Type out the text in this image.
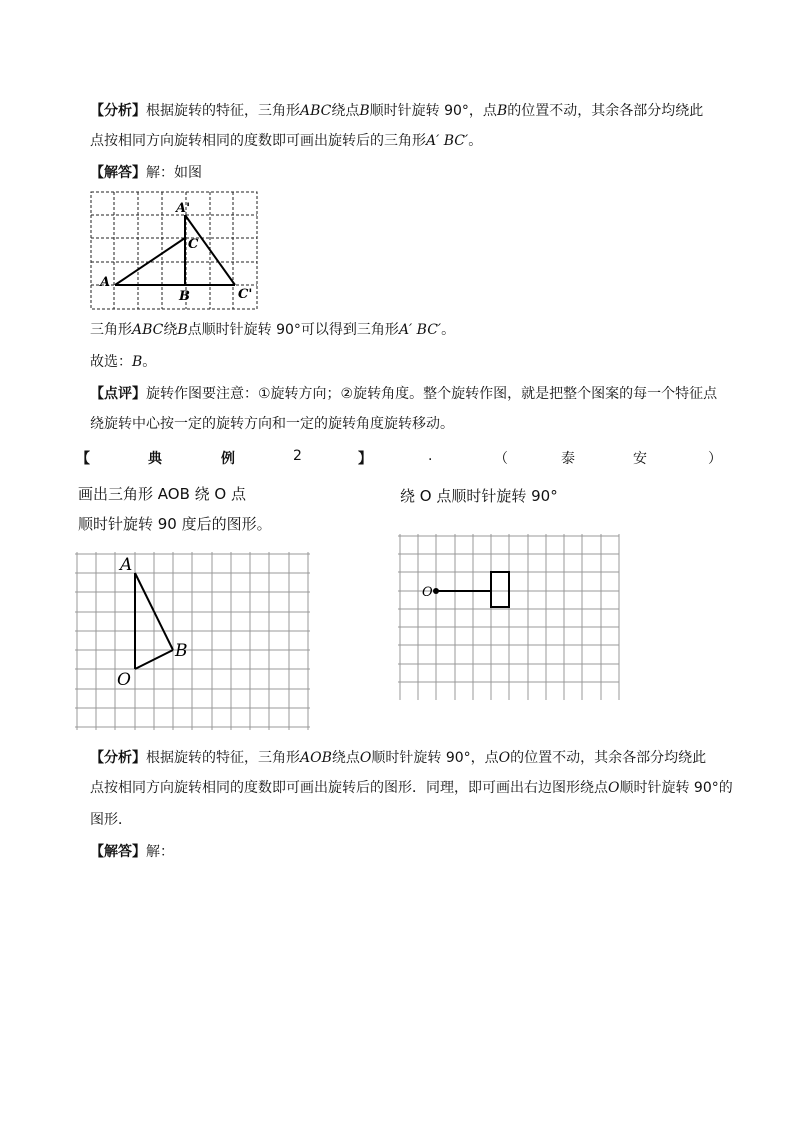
【分析】根据旋转的特征，三角形ABC绕点B顺时针旋转 90°，点B的位置不动，其余各部分均绕此
点按相同方向旋转相同的度数即可画出旋转后的三角形A′ BC′。
【解答】解：如图
A
A'
C
B	C'
三角形ABC绕B点顺时针旋转 90°可以得到三角形A′ BC′。
故选：B。
【点评】旋转作图要注意：①旋转方向；②旋转角度。整个旋转作图，就是把整个图案的每一个特征点
绕旋转中心按一定的旋转方向和一定的旋转角度旋转移动。
【	典	例	2	】	.	（	泰	安	）
画出三角形 AOB 绕 O 点
顺时针旋转 90 度后的图形。
绕 O 点顺时针旋转 90°
A
B
O
O
【分析】根据旋转的特征，三角形AOB绕点O顺时针旋转 90°，点O的位置不动，其余各部分均绕此
点按相同方向旋转相同的度数即可画出旋转后的图形．同理，即可画出右边图形绕点O顺时针旋转 90°的
图形．
【解答】解：
